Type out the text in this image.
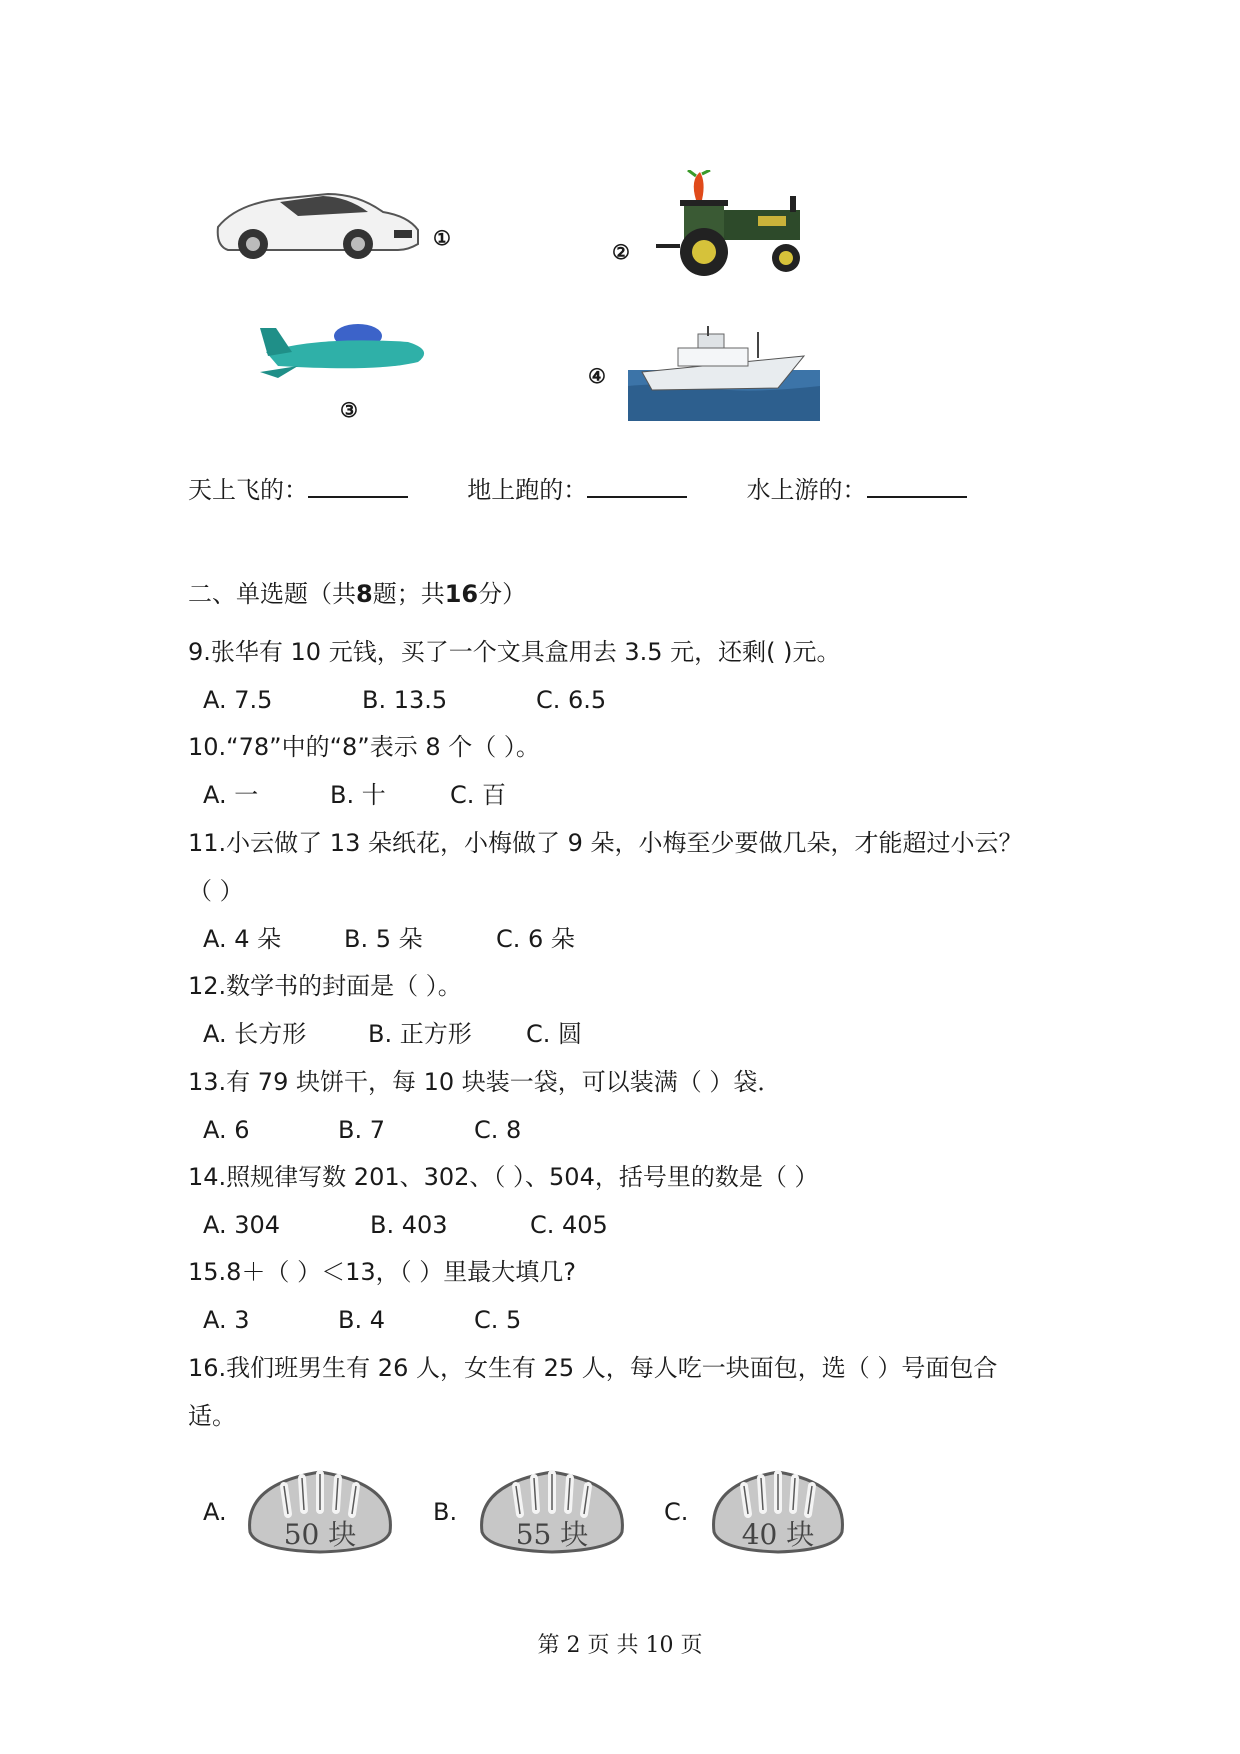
①
②
③
④
天上飞的：	地上跑的：	水上游的：
二、单选题（共8题；共16分）
9.张华有 10 元钱，买了一个文具盒用去 3.5 元，还剩( )元。
A. 7.5	B. 13.5	C. 6.5
10.“78”中的“8”表示 8 个（ ）。
A. 一	B. 十	C. 百
11.小云做了 13 朵纸花，小梅做了 9 朵，小梅至少要做几朵，才能超过小云？
（ ）
A. 4 朵	B. 5 朵	C. 6 朵
12.数学书的封面是（ ）。
A. 长方形	B. 正方形 C. 圆
13.有 79 块饼干，每 10 块装一袋，可以装满（ ）袋．
A. 6	B. 7	C. 8
14.照规律写数 201、302、（ ）、504，括号里的数是（ ）
A. 304	B. 403	C. 405
15.8＋（ ）＜13，（ ）里最大填几?
A. 3	B. 4	C. 5
16.我们班男生有 26 人，女生有 25 人，每人吃一块面包，选（ ）号面包合
适。
A.
50 块
B.
55 块
C.
40 块
第 2 页 共 10 页
